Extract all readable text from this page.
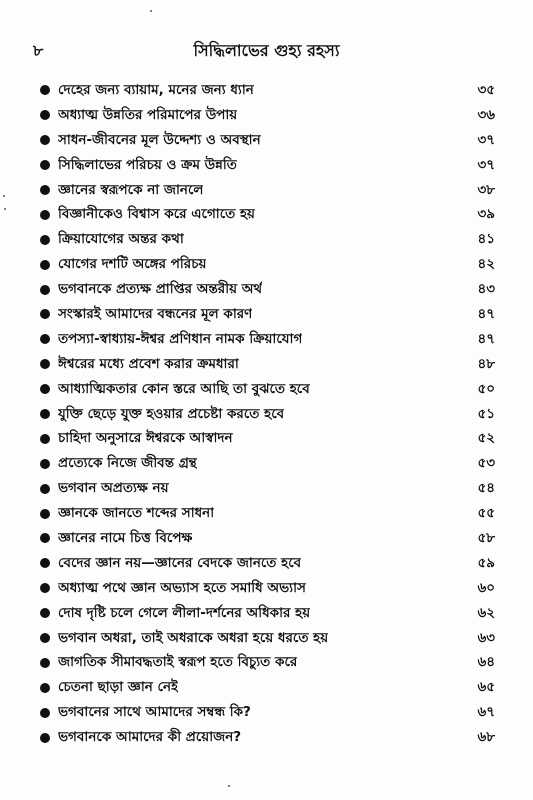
৮	সিদ্ধিলাভের গুহ্য রহস্য
দেহের জন্য ব্যায়াম, মনের জন্য ধ্যান	৩৫
অধ্যাত্ম উন্নতির পরিমাপের উপায়	৩৬
সাধন-জীবনের মূল উদ্দেশ্য ও অবস্থান	৩৭
সিদ্ধিলাভের পরিচয় ও ক্রম উন্নতি	৩৭
জ্ঞানের স্বরূপকে না জানলে	৩৮
বিজ্ঞানীকেও বিশ্বাস করে এগোতে হয়	৩৯
ক্রিয়াযোগের অন্তর কথা	৪১
যোগের দশটি অঙ্গের পরিচয়	৪২
ভগবানকে প্রত্যক্ষ প্রাপ্তির অন্তরীয় অর্থ	৪৩
সংস্কারই আমাদের বন্ধনের মূল কারণ	৪৭
তপস্যা-স্বাধ্যায়-ঈশ্বর প্রণিধান নামক ক্রিয়াযোগ	৪৭
ঈশ্বরের মধ্যে প্রবেশ করার ক্রমধারা	৪৮
আধ্যাত্মিকতার কোন স্তরে আছি তা বুঝতে হবে	৫০
যুক্তি ছেড়ে যুক্ত হওয়ার প্রচেষ্টা করতে হবে	৫১
চাহিদা অনুসারে ঈশ্বরকে আস্বাদন	৫২
প্রত্যেকে নিজে জীবন্ত গ্রন্থ	৫৩
ভগবান অপ্রত্যক্ষ নয়	৫৪
জ্ঞানকে জানতে শব্দের সাধনা	৫৫
জ্ঞানের নামে চিত্ত বিপেক্ষ	৫৮
বেদের জ্ঞান নয়—জ্ঞানের বেদকে জানতে হবে	৫৯
অধ্যাত্ম পথে জ্ঞান অভ্যাস হতে সমাধি অভ্যাস	৬০
দোষ দৃষ্টি চলে গেলে লীলা-দর্শনের অধিকার হয়	৬২
ভগবান অধরা, তাই অধরাকে অধরা হয়ে ধরতে হয়	৬৩
জাগতিক সীমাবদ্ধতাই স্বরূপ হতে বিচ্যুত করে	৬৪
চেতনা ছাড়া জ্ঞান নেই	৬৫
ভগবানের সাথে আমাদের সম্বন্ধ কি?	৬৭
ভগবানকে আমাদের কী প্রয়োজন?	৬৮
